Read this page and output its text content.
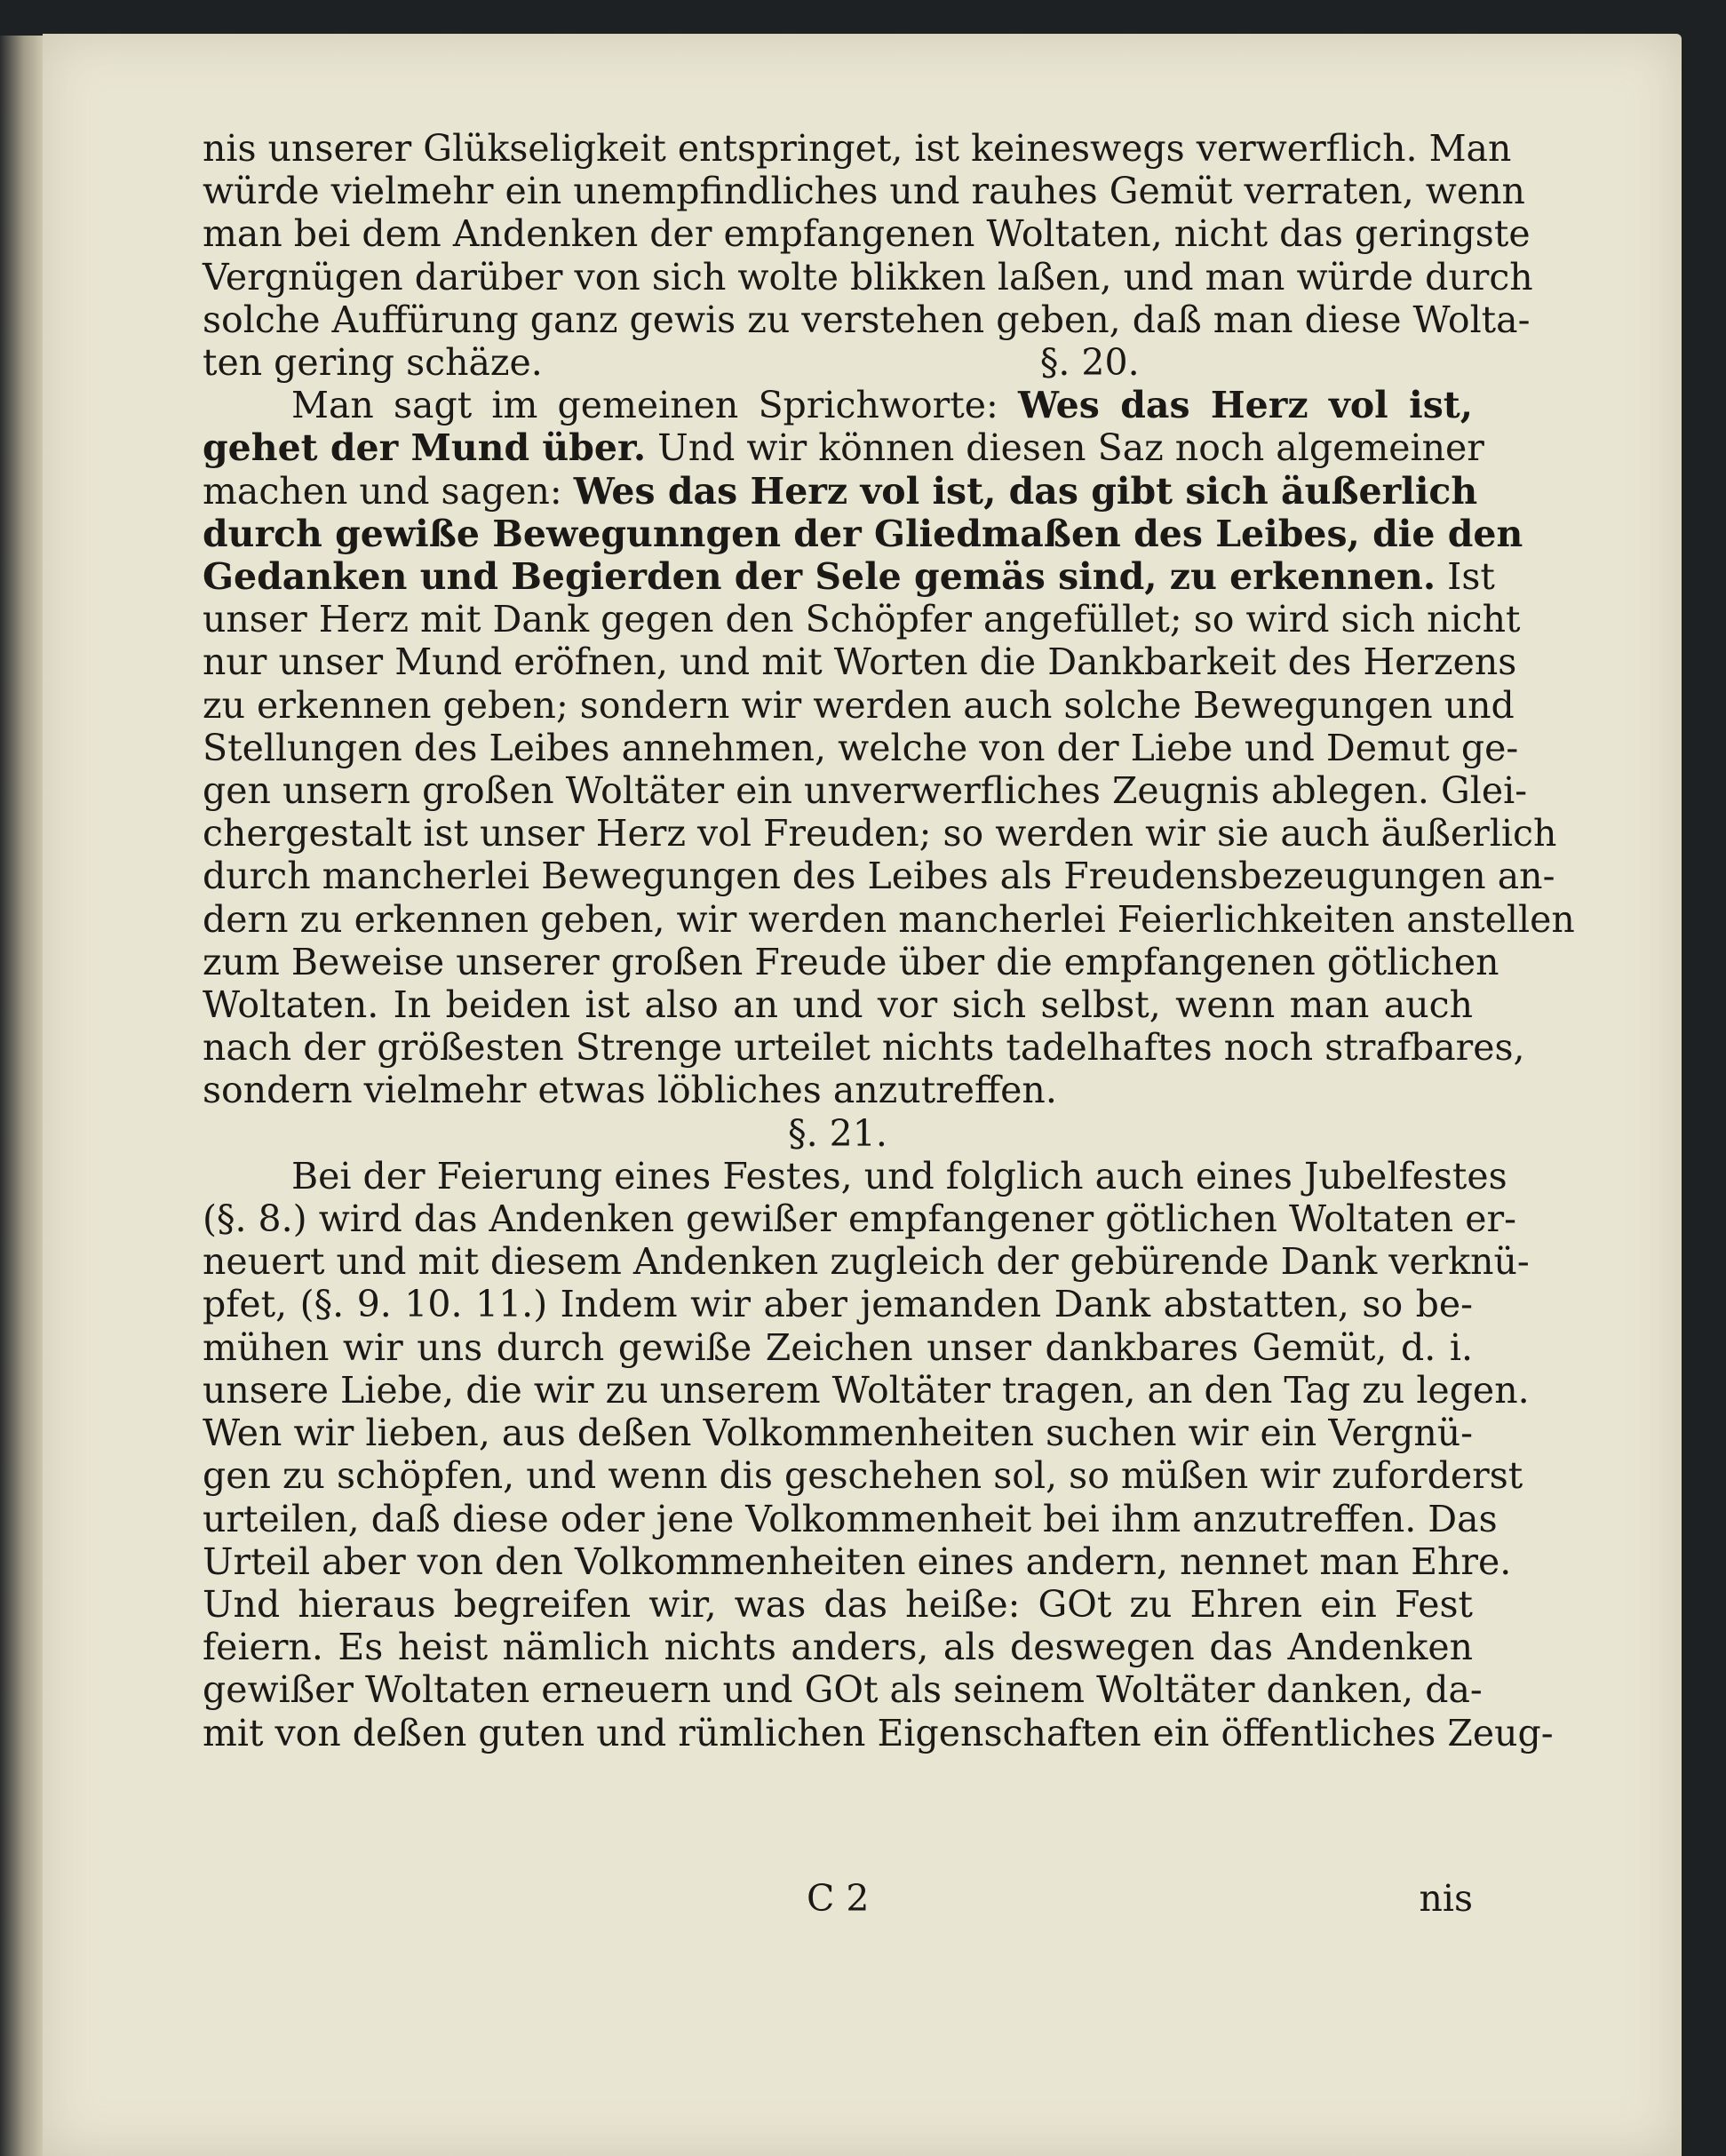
nis unserer Glükseligkeit entspringet, ist keineswegs verwerflich. Man
würde vielmehr ein unempfindliches und rauhes Gemüt verraten, wenn
man bei dem Andenken der empfangenen Woltaten, nicht das geringste
Vergnügen darüber von sich wolte blikken laßen, und man würde durch
solche Auffürung ganz gewis zu verstehen geben, daß man diese Wolta-
ten gering schäze.	§. 20.
Man sagt im gemeinen Sprichworte: Wes das Herz vol ist,
gehet der Mund über. Und wir können diesen Saz noch algemeiner
machen und sagen: Wes das Herz vol ist, das gibt sich äußerlich
durch gewiße Bewegunngen der Gliedmaßen des Leibes, die den
Gedanken und Begierden der Sele gemäs sind, zu erkennen. Ist
unser Herz mit Dank gegen den Schöpfer angefüllet; so wird sich nicht
nur unser Mund eröfnen, und mit Worten die Dankbarkeit des Herzens
zu erkennen geben; sondern wir werden auch solche Bewegungen und
Stellungen des Leibes annehmen, welche von der Liebe und Demut ge-
gen unsern großen Woltäter ein unverwerfliches Zeugnis ablegen. Glei-
chergestalt ist unser Herz vol Freuden; so werden wir sie auch äußerlich
durch mancherlei Bewegungen des Leibes als Freudensbezeugungen an-
dern zu erkennen geben, wir werden mancherlei Feierlichkeiten anstellen
zum Beweise unserer großen Freude über die empfangenen götlichen
Woltaten. In beiden ist also an und vor sich selbst, wenn man auch
nach der größesten Strenge urteilet nichts tadelhaftes noch strafbares,
sondern vielmehr etwas löbliches anzutreffen.
§. 21.
Bei der Feierung eines Festes, und folglich auch eines Jubelfestes
(§. 8.) wird das Andenken gewißer empfangener götlichen Woltaten er-
neuert und mit diesem Andenken zugleich der gebürende Dank verknü-
pfet, (§. 9. 10. 11.) Indem wir aber jemanden Dank abstatten, so be-
mühen wir uns durch gewiße Zeichen unser dankbares Gemüt, d. i.
unsere Liebe, die wir zu unserem Woltäter tragen, an den Tag zu legen.
Wen wir lieben, aus deßen Volkommenheiten suchen wir ein Vergnü-
gen zu schöpfen, und wenn dis geschehen sol, so müßen wir zuforderst
urteilen, daß diese oder jene Volkommenheit bei ihm anzutreffen. Das
Urteil aber von den Volkommenheiten eines andern, nennet man Ehre.
Und hieraus begreifen wir, was das heiße: GOt zu Ehren ein Fest
feiern. Es heist nämlich nichts anders, als deswegen das Andenken
gewißer Woltaten erneuern und GOt als seinem Woltäter danken, da-
mit von deßen guten und rümlichen Eigenschaften ein öffentliches Zeug-
C 2	nis
